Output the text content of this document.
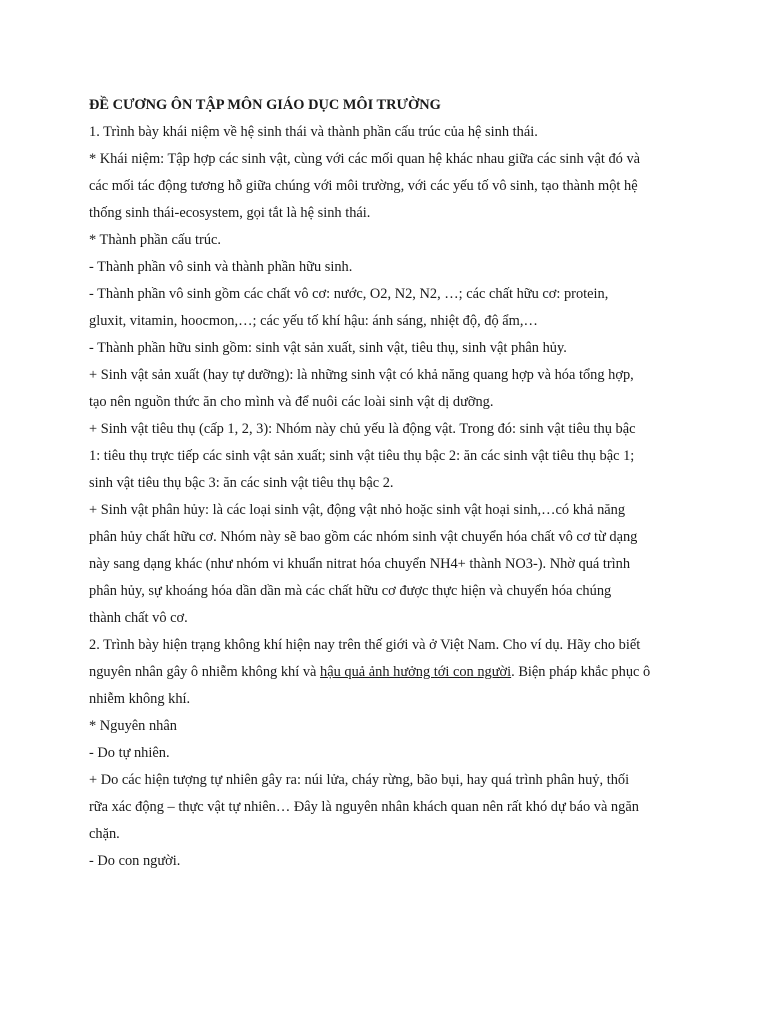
ĐỀ CƯƠNG ÔN TẬP MÔN GIÁO DỤC MÔI TRƯỜNG
1. Trình bày khái niệm về hệ sinh thái và thành phần cấu trúc của hệ sinh thái.
* Khái niệm: Tập hợp các sinh vật, cùng với các mối quan hệ khác nhau giữa các sinh vật đó và
các mối tác động tương hỗ giữa chúng với môi trường, với các yếu tố vô sinh, tạo thành một hệ
thống sinh thái-ecosystem, gọi tắt là hệ sinh thái.
* Thành phần cấu trúc.
- Thành phần vô sinh và thành phần hữu sinh.
- Thành phần vô sinh gồm các chất vô cơ: nước, O2, N2, N2, …; các chất hữu cơ: protein,
gluxit, vitamin, hoocmon,…; các yếu tố khí hậu: ánh sáng, nhiệt độ, độ ẩm,…
- Thành phần hữu sinh gồm: sinh vật sản xuất, sinh vật, tiêu thụ, sinh vật phân hủy.
+ Sinh vật sản xuất (hay tự dưỡng): là những sinh vật có khả năng quang hợp và hóa tổng hợp,
tạo nên nguồn thức ăn cho mình và để nuôi các loài sinh vật dị dưỡng.
+ Sinh vật tiêu thụ (cấp 1, 2, 3): Nhóm này chủ yếu là động vật. Trong đó: sinh vật tiêu thụ bậc
1: tiêu thụ trực tiếp các sinh vật sản xuất; sinh vật tiêu thụ bậc 2: ăn các sinh vật tiêu thụ bậc 1;
sinh vật tiêu thụ bậc 3: ăn các sinh vật tiêu thụ bậc 2.
+ Sinh vật phân hủy: là các loại sinh vật, động vật nhỏ hoặc sinh vật hoại sinh,…có khả năng
phân hủy chất hữu cơ. Nhóm này sẽ bao gồm các nhóm sinh vật chuyển hóa chất vô cơ từ dạng
này sang dạng khác (như nhóm vi khuẩn nitrat hóa chuyển NH4+ thành NO3-). Nhờ quá trình
phân hủy, sự khoáng hóa dần dần mà các chất hữu cơ được thực hiện và chuyển hóa chúng
thành chất vô cơ.
2. Trình bày hiện trạng không khí hiện nay trên thế giới và ở Việt Nam. Cho ví dụ. Hãy cho biết
nguyên nhân gây ô nhiễm không khí và hậu quả ảnh hưởng tới con người. Biện pháp khắc phục ô
nhiễm không khí.
* Nguyên nhân
- Do tự nhiên.
+ Do các hiện tượng tự nhiên gây ra: núi lửa, cháy rừng, bão bụi, hay quá trình phân huỷ, thối
rữa xác động – thực vật tự nhiên… Đây là nguyên nhân khách quan nên rất khó dự báo và ngăn
chặn.
- Do con người.
